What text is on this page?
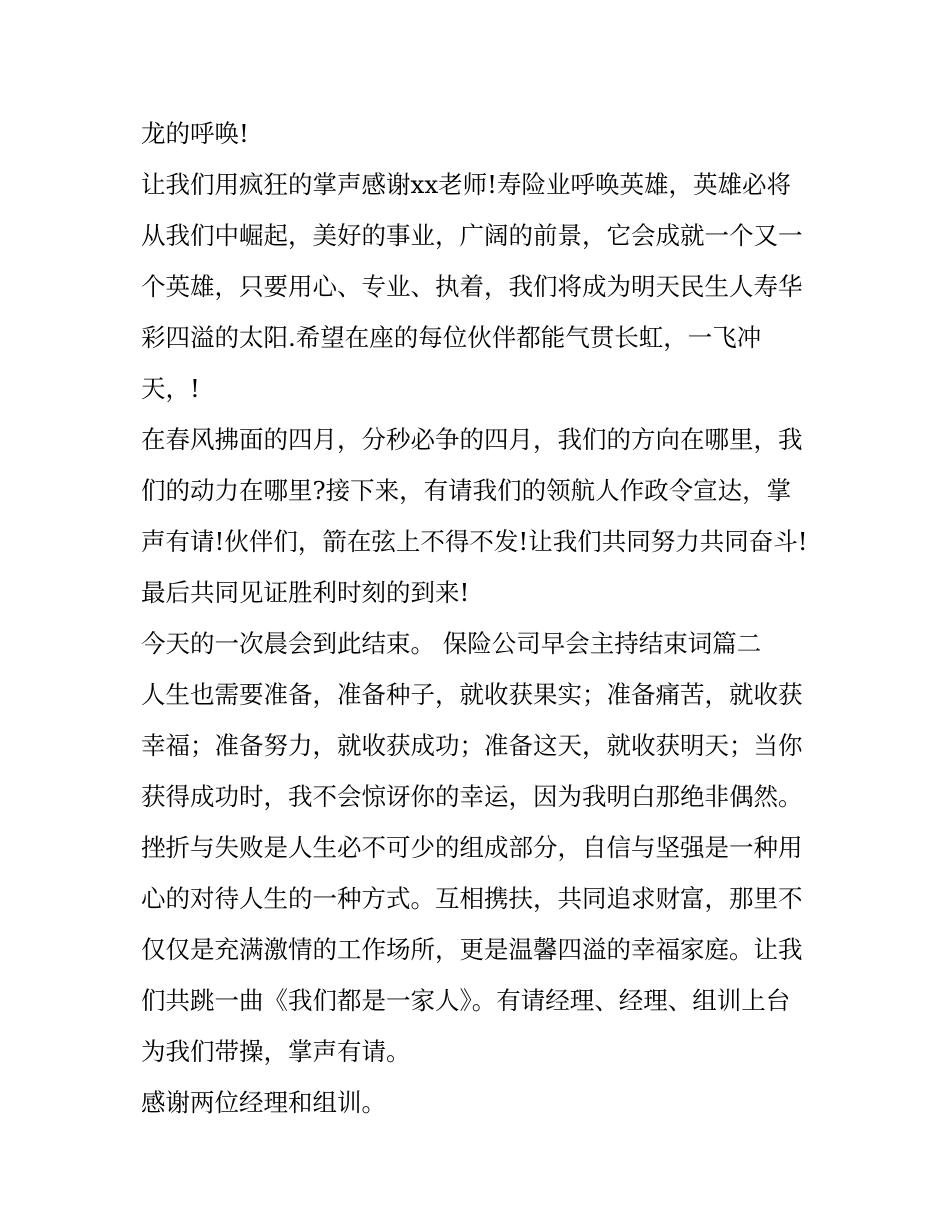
龙的呼唤!
让我们用疯狂的掌声感谢xx老师!寿险业呼唤英雄，英雄必将
从我们中崛起，美好的事业，广阔的前景，它会成就一个又一
个英雄，只要用心、专业、执着，我们将成为明天民生人寿华
彩四溢的太阳.希望在座的每位伙伴都能气贯长虹，一飞冲
天，!
在春风拂面的四月，分秒必争的四月，我们的方向在哪里，我
们的动力在哪里?接下来，有请我们的领航人作政令宣达，掌
声有请!伙伴们，箭在弦上不得不发!让我们共同努力共同奋斗!
最后共同见证胜利时刻的到来!
今天的一次晨会到此结束。 保险公司早会主持结束词篇二
人生也需要准备，准备种子，就收获果实；准备痛苦，就收获
幸福；准备努力，就收获成功；准备这天，就收获明天；当你
获得成功时，我不会惊讶你的幸运，因为我明白那绝非偶然。
挫折与失败是人生必不可少的组成部分，自信与坚强是一种用
心的对待人生的一种方式。互相携扶，共同追求财富，那里不
仅仅是充满激情的工作场所，更是温馨四溢的幸福家庭。让我
们共跳一曲《我们都是一家人》。有请经理、经理、组训上台
为我们带操，掌声有请。
感谢两位经理和组训。
